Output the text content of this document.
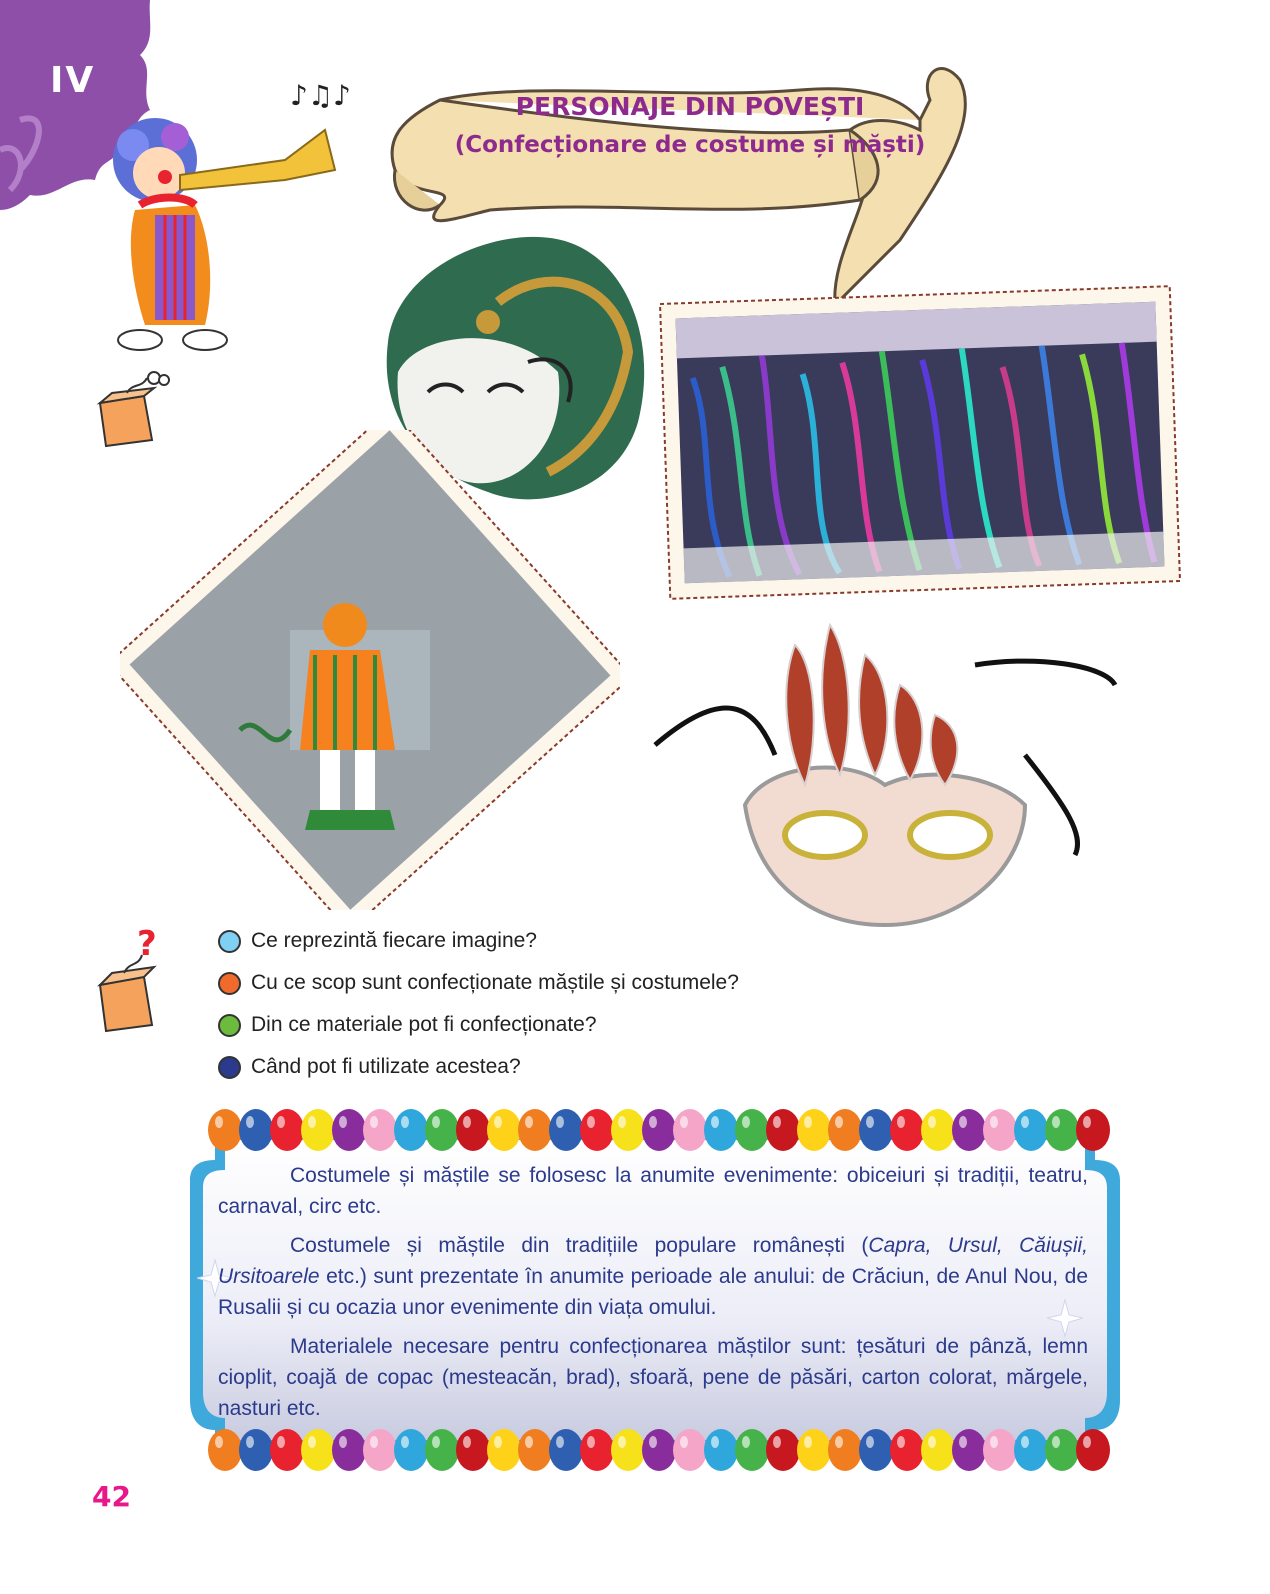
IV
PERSONAJE DIN POVEȘTI
(Confecționare de costume și măști)
♪♫♪
?	Ce reprezintă fiecare imagine?
Cu ce scop sunt confecționate măștile și costumele?
Din ce materiale pot fi confecționate?
Când pot fi utilizate acestea?

Costumele și măștile se folosesc la anumite evenimente: obiceiuri și tradiții, teatru, carnaval, circ etc.

Costumele și măștile din tradițiile populare românești (Capra, Ursul, Căiușii, Ursitoarele etc.) sunt prezentate în anumite perioade ale anului: de Crăciun, de Anul Nou, de Rusalii și cu ocazia unor evenimente din viața omului.

Materialele necesare pentru confecționarea măștilor sunt: țesături de pânză, lemn cioplit, coajă de copac (mesteacăn, brad), sfoară, pene de păsări, carton colorat, mărgele, nasturi etc.

42
